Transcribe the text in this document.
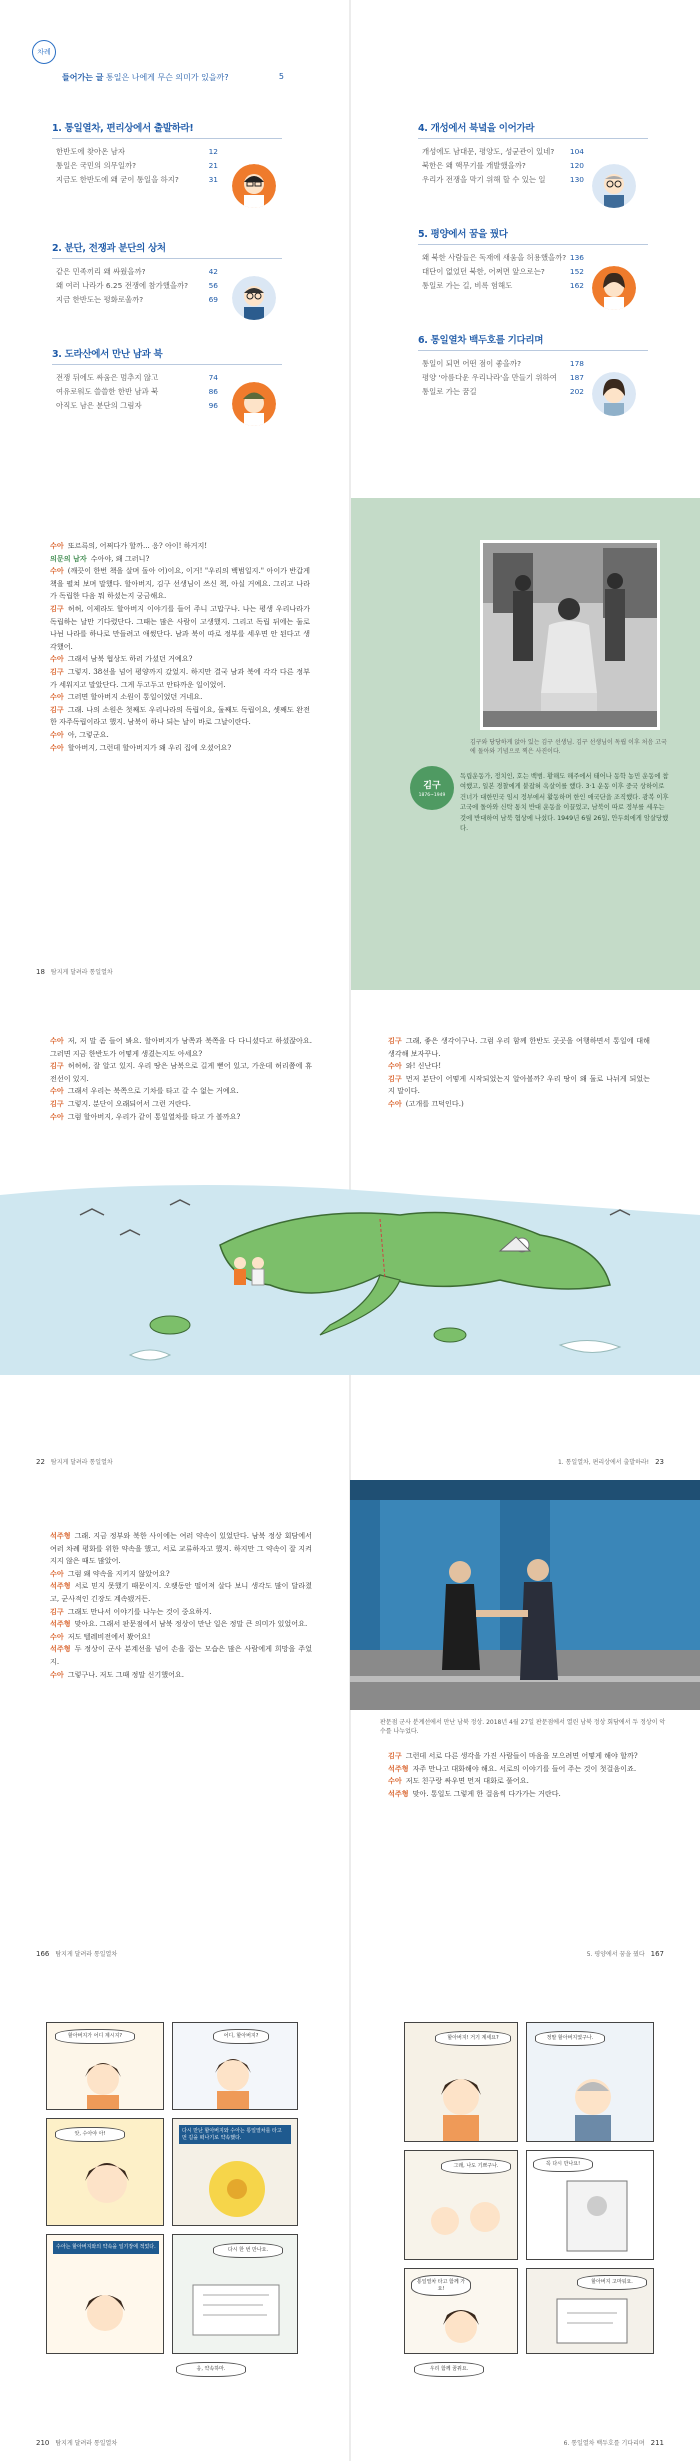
차례
들어가는 글 통일은 나에게 무슨 의미가 있을까?	5
1. 통일열차, 편리상에서 출발하라!
한반도에 찾아온 남자	12
통일은 국민의 의무일까?	21
지금도 한반도에 왜 굳이 통일을 하지?	31
2. 분단, 전쟁과 분단의 상처
같은 민족끼리 왜 싸웠을까?	42
왜 여러 나라가 6.25 전쟁에 참가했을까?	56
지금 한반도는 평화로울까?	69
3. 도라산에서 만난 남과 북
전쟁 뒤에도 싸움은 멈추지 않고	74
여유로워도 쓸쓸한 한반 남과 북	86
아직도 남은 분단의 그림자	96
4. 개성에서 북녘을 이어가라
개성에도 남대문, 평양도, 성균관이 있네? 104
북한은 왜 핵무기를 개발했을까?	120
우리가 전쟁을 막기 위해 할 수 있는 일	130
5. 평양에서 꿈을 꿨다
왜 북한 사람들은 독재에 새움을 허용했을까? 136
대단이 없었던 북한, 어쩌면 앞으로는?	152
통일로 가는 길, 비록 험해도	162
6. 통일열차 백두호를 기다리며
통일이 되면 어떤 점이 좋을까?	178
평양 '아름다운 우리나라'을 만들기 위하여 187
통일로 가는 꿈길	202

수아 또르륵의, 어쩌다가 할까... 응? 아이! 하거지!

의문의 남자 수아야, 왜 그러니?

수아 (깨끗이 한번 책을 살며 돌아 어)이요, 이거! "우리의 백범일지." 아이가 반갑게 책을 펼쳐 보며 말했다. 할아버지, 김구 선생님이 쓰신 책, 아실 거예요. 그리고 나라가 독립한 다음 뭐 하셨는지 궁금해요.

김구 허허, 이제라도 할아버지 이야기를 들어 주니 고맙구나. 나는 평생 우리나라가 독립하는 날만 기다렸단다. 그때는 많은 사람이 고생했지. 그리고 독립 뒤에는 둘로 나뉜 나라를 하나로 만들려고 애썼단다. 남과 북이 따로 정부를 세우면 안 된다고 생각했어.

수아 그래서 남북 협상도 하러 가셨던 거예요?

김구 그렇지. 38선을 넘어 평양까지 갔었지. 하지만 결국 남과 북에 각각 다른 정부가 세워지고 말았단다. 그게 두고두고 안타까운 일이었어.

수아 그러면 할아버지 소원이 통일이었던 거네요.

김구 그래. 나의 소원은 첫째도 우리나라의 독립이요, 둘째도 독립이요, 셋째도 완전한 자주독립이라고 했지. 남북이 하나 되는 날이 바로 그날이란다.

수아 아, 그렇군요.

수아 할아버지, 그런데 할아버지가 왜 우리 집에 오셨어요?

18 탐지게 달려라 통일열차
김구와 당당하게 앉아 있는 김구 선생님. 김구 선생님이 독립 이후 처음 고국에 돌아와 기념으로 찍은 사진이다.
김구
1876~1949
독립운동가, 정치인, 호는 백범. 황해도 해주에서 태어나 동학 농민 운동에 참여했고, 일본 경찰에게 붙잡혀 옥살이를 했다. 3·1 운동 이후 중국 상하이로 건너가 대한민국 임시 정부에서 활동하며 한인 애국단을 조직했다. 광복 이후 고국에 돌아와 신탁 통치 반대 운동을 이끌었고, 남북이 따로 정부를 세우는 것에 반대하여 남북 협상에 나섰다. 1949년 6월 26일, 안두희에게 암살당했다.

수아 저, 저 말 좀 들어 봐요. 할아버지가 남쪽과 북쪽을 다 다니셨다고 하셨잖아요. 그러면 지금 한반도가 어떻게 생겼는지도 아세요?

김구 허허허, 잘 알고 있지. 우리 땅은 남북으로 길게 뻗어 있고, 가운데 허리쯤에 휴전선이 있지.

수아 그래서 우리는 북쪽으로 기차를 타고 갈 수 없는 거예요.

김구 그렇지. 분단이 오래되어서 그런 거란다.

수아 그럼 할아버지, 우리가 같이 통일열차를 타고 가 볼까요?

김구 그래, 좋은 생각이구나. 그럼 우리 함께 한반도 곳곳을 여행하면서 통일에 대해 생각해 보자꾸나.

수아 와! 신난다!

김구 먼저 분단이 어떻게 시작되었는지 알아볼까? 우리 땅이 왜 둘로 나뉘게 되었는지 말이다.

수아 (고개를 끄덕인다.)

22 탐지게 달려라 통일열차	1. 통일열차, 편리상에서 출발하라! 23

석주형 그래. 지금 정부와 북한 사이에는 여러 약속이 있었단다. 남북 정상 회담에서 여러 차례 평화를 위한 약속을 했고, 서로 교류하자고 했지. 하지만 그 약속이 잘 지켜지지 않은 때도 많았어.

수아 그럼 왜 약속을 지키지 않았어요?

석주형 서로 믿지 못했기 때문이지. 오랫동안 떨어져 살다 보니 생각도 많이 달라졌고, 군사적인 긴장도 계속됐거든.

김구 그래도 만나서 이야기를 나누는 것이 중요하지.

석주형 맞아요. 그래서 판문점에서 남북 정상이 만난 일은 정말 큰 의미가 있었어요.

수아 저도 텔레비전에서 봤어요!

석주형 두 정상이 군사 분계선을 넘어 손을 잡는 모습은 많은 사람에게 희망을 주었지.

수아 그렇구나. 저도 그때 정말 신기했어요.

판문점 군사 분계선에서 만난 남북 정상. 2018년 4월 27일 판문점에서 열린 남북 정상 회담에서 두 정상이 악수를 나누었다.

김구 그런데 서로 다른 생각을 가진 사람들이 마음을 모으려면 어떻게 해야 할까?

석주형 자주 만나고 대화해야 해요. 서로의 이야기를 들어 주는 것이 첫걸음이죠.

수아 저도 친구랑 싸우면 먼저 대화로 풀어요.

석주형 맞아. 통일도 그렇게 한 걸음씩 다가가는 거란다.

166 탐지게 달려라 통일열차	5. 평양에서 꿈을 꿨다 167
할아버지가 어디 계시지?	어디, 할아버지?
앗, 수아야 아!	다시 만난 할아버지와 수아는 통일열차를 타고 먼 길을 떠나기로 약속했다.
수아는 할아버지와의 약속을 일기장에 적었다.	다시 한 번 만나요.
할아버지! 거기 계세요?	정말 할아버지였구나.
그래, 나도 기쁘구나.	꼭 다시 만나요!
통일열차 타고 함께 가요!
할아버지 고마워요.
응, 약속하마.	우리 함께 꿈꿔요.
210 탐지게 달려라 통일열차	6. 통일열차 백두호를 기다리며 211
